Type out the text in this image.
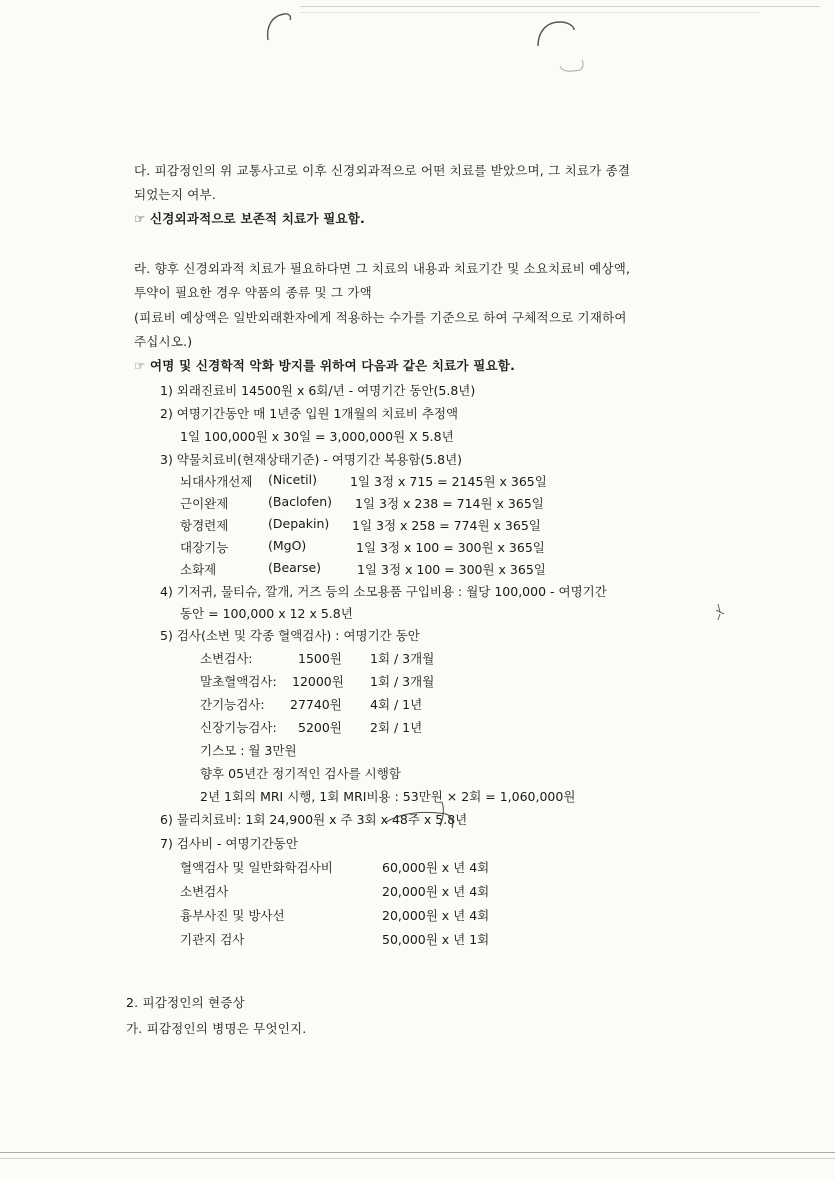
다. 피감정인의 위 교통사고로 이후 신경외과적으로 어떤 치료를 받았으며, 그 치료가 종결
되었는지 여부.
☞ 신경외과적으로 보존적 치료가 필요함.
라. 향후 신경외과적 치료가 필요하다면 그 치료의 내용과 치료기간 및 소요치료비 예상액,
투약이 필요한 경우 약품의 종류 및 그 가액
(피료비 예상액은 일반외래환자에게 적용하는 수가를 기준으로 하여 구체적으로 기재하여
주십시오.)
☞ 여명 및 신경학적 악화 방지를 위하여 다음과 같은 치료가 필요함.
1) 외래진료비 14500원 x 6회/년 - 여명기간 동안(5.8년)
2) 여명기간동안 매 1년중 입원 1개월의 치료비 추정액
1일 100,000원 x 30일 = 3,000,000원 X 5.8년
3) 약물치료비(현재상태기준) - 여명기간 복용함(5.8년)
뇌대사개선제 (Nicetil)	1일 3정 x 715 = 2145원 x 365일
근이완제	(Baclofen) 1일 3정 x 238 = 714원 x 365일
항경련제	(Depakin) 1일 3정 x 258 = 774원 x 365일
대장기능	(MgO)	1일 3정 x 100 = 300원 x 365일
소화제	(Bearse)	1일 3정 x 100 = 300원 x 365일
4) 기저귀, 물티슈, 깔개, 거즈 등의 소모용품 구입비용 : 월당 100,000 - 여명기간
동안 = 100,000 x 12 x 5.8년
5) 검사(소변 및 각종 혈액검사) : 여명기간 동안
소변검사:	1500원 1회 / 3개월
말초혈액검사: 12000원 1회 / 3개월
간기능검사: 27740원 4회 / 1년
신장기능검사: 5200원 2회 / 1년
기스모 : 월 3만원
향후 05년간 정기적인 검사를 시행함
2년 1회의 MRI 시행, 1회 MRI비용 : 53만원 × 2회 = 1,060,000원
6) 물리치료비: 1회 24,900원 x 주 3회 x 48주 x 5.8년
7) 검사비 - 여명기간동안
혈액검사 및 일반화학검사비	60,000원 x 년 4회
소변검사	20,000원 x 년 4회
흉부사진 및 방사선	20,000원 x 년 4회
기관지 검사	50,000원 x 년 1회
2. 피감정인의 현증상
가. 피감정인의 병명은 무엇인지.
